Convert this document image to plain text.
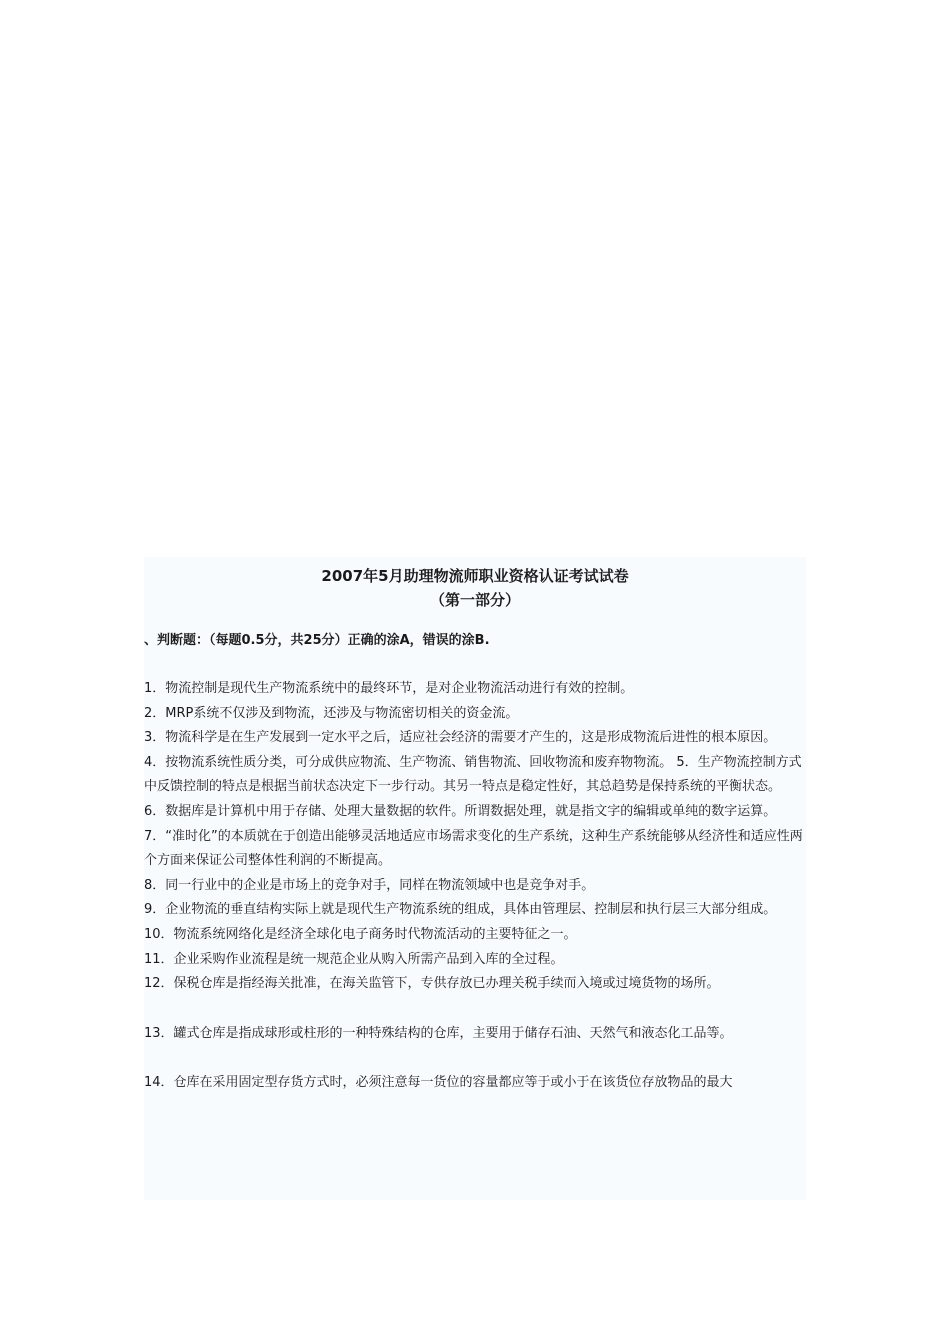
2007年5月助理物流师职业资格认证考试试卷

（第一部分）

、判断题：（每题0.5分，共25分）正确的涂A，错误的涂B.

1．物流控制是现代生产物流系统中的最终环节，是对企业物流活动进行有效的控制。

2．MRP系统不仅涉及到物流，还涉及与物流密切相关的资金流。

3．物流科学是在生产发展到一定水平之后，适应社会经济的需要才产生的，这是形成物流后进性的根本原因。

4．按物流系统性质分类，可分成供应物流、生产物流、销售物流、回收物流和废弃物物流。 5．生产物流控制方式中反馈控制的特点是根据当前状态决定下一步行动。其另一特点是稳定性好，其总趋势是保持系统的平衡状态。

6．数据库是计算机中用于存储、处理大量数据的软件。所谓数据处理，就是指文字的编辑或单纯的数字运算。

7．“准时化”的本质就在于创造出能够灵活地适应市场需求变化的生产系统，这种生产系统能够从经济性和适应性两个方面来保证公司整体性利润的不断提高。

8．同一行业中的企业是市场上的竞争对手，同样在物流领域中也是竞争对手。

9．企业物流的垂直结构实际上就是现代生产物流系统的组成，具体由管理层、控制层和执行层三大部分组成。

10．物流系统网络化是经济全球化电子商务时代物流活动的主要特征之一。

11．企业采购作业流程是统一规范企业从购入所需产品到入库的全过程。

12．保税仓库是指经海关批准，在海关监管下，专供存放已办理关税手续而入境或过境货物的场所。

13．罐式仓库是指成球形或柱形的一种特殊结构的仓库，主要用于储存石油、天然气和液态化工品等。

14．仓库在采用固定型存货方式时，必须注意每一货位的容量都应等于或小于在该货位存放物品的最大
